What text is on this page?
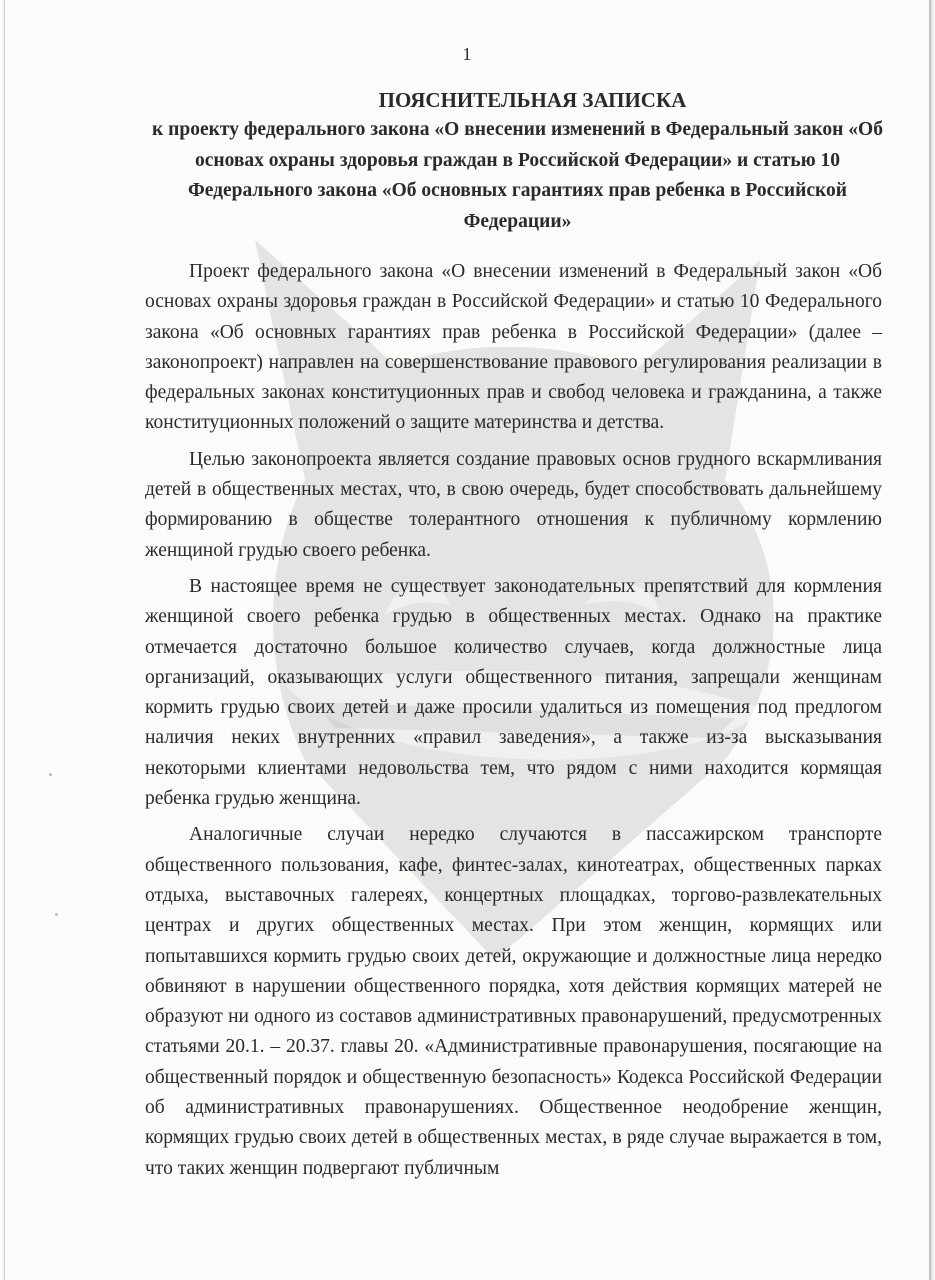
1
ПОЯСНИТЕЛЬНАЯ ЗАПИСКА
к проекту федерального закона «О внесении изменений в Федеральный закон «Об основах охраны здоровья граждан в Российской Федерации» и статью 10 Федерального закона «Об основных гарантиях прав ребенка в Российской Федерации»

Проект федерального закона «О внесении изменений в Федеральный закон «Об основах охраны здоровья граждан в Российской Федерации» и статью 10 Федерального закона «Об основных гарантиях прав ребенка в Российской Федерации» (далее – законопроект) направлен на совершенствование правового регулирования реализации в федеральных законах конституционных прав и свобод человека и гражданина, а также конституционных положений о защите материнства и детства.

Целью законопроекта является создание правовых основ грудного вскармливания детей в общественных местах, что, в свою очередь, будет способствовать дальнейшему формированию в обществе толерантного отношения к публичному кормлению женщиной грудью своего ребенка.

В настоящее время не существует законодательных препятствий для кормления женщиной своего ребенка грудью в общественных местах. Однако на практике отмечается достаточно большое количество случаев, когда должностные лица организаций, оказывающих услуги общественного питания, запрещали женщинам кормить грудью своих детей и даже просили удалиться из помещения под предлогом наличия неких внутренних «правил заведения», а также из-за высказывания некоторыми клиентами недовольства тем, что рядом с ними находится кормящая ребенка грудью женщина.

Аналогичные случаи нередко случаются в пассажирском транспорте общественного пользования, кафе, финтес-залах, кинотеатрах, общественных парках отдыха, выставочных галереях, концертных площадках, торгово-развлекательных центрах и других общественных местах. При этом женщин, кормящих или попытавшихся кормить грудью своих детей, окружающие и должностные лица нередко обвиняют в нарушении общественного порядка, хотя действия кормящих матерей не образуют ни одного из составов административных правонарушений, предусмотренных статьями 20.1. – 20.37. главы 20. «Административные правонарушения, посягающие на общественный порядок и общественную безопасность» Кодекса Российской Федерации об административных правонарушениях. Общественное неодобрение женщин, кормящих грудью своих детей в общественных местах, в ряде случае выражается в том, что таких женщин подвергают публичным
